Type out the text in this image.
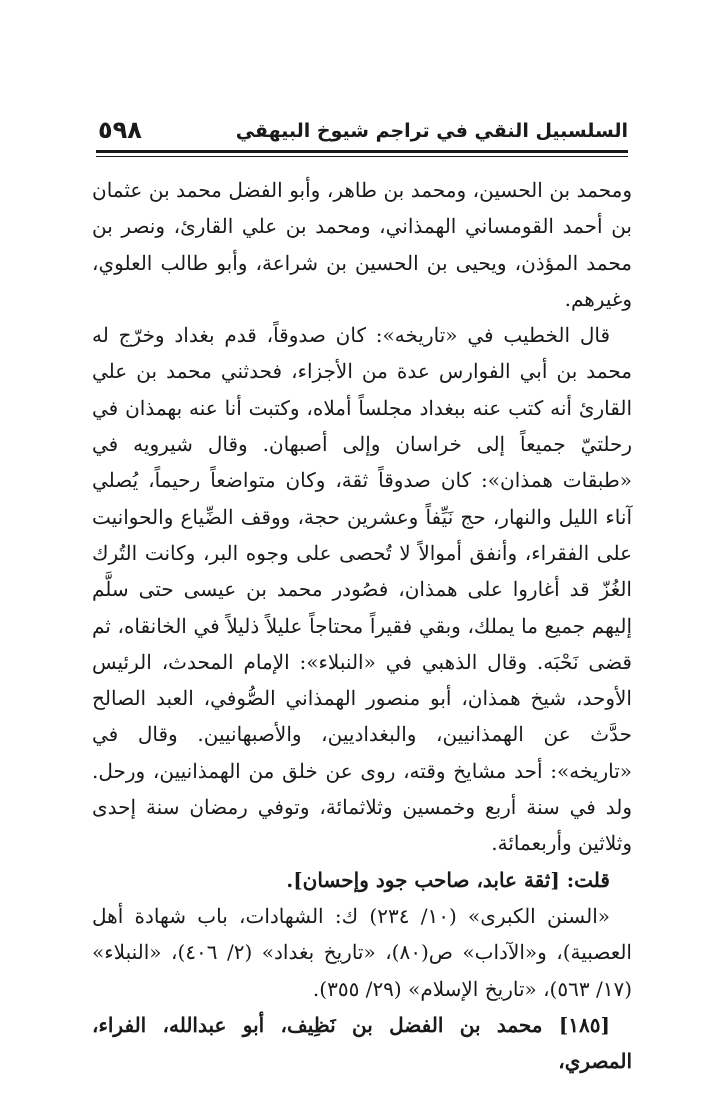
٥٩٨	السلسبيل النقي في تراجم شيوخ البيهقي

ومحمد بن الحسين، ومحمد بن طاهر، وأبو الفضل محمد بن عثمان بن أحمد القومساني الهمذاني، ومحمد بن علي القارئ، ونصر بن محمد المؤذن، ويحيى بن الحسين بن شراعة، وأبو طالب العلوي، وغيرهم.

قال الخطيب في «تاريخه»: كان صدوقاً، قدم بغداد وخرّج له محمد بن أبي الفوارس عدة من الأجزاء، فحدثني محمد بن علي القارئ أنه كتب عنه ببغداد مجلساً أملاه، وكتبت أنا عنه بهمذان في رحلتيّ جميعاً إلى خراسان وإلى أصبهان. وقال شيرويه في «طبقات همذان»: كان صدوقاً ثقة، وكان متواضعاً رحيماً، يُصلي آناء الليل والنهار، حج نَيِّفاً وعشرين حجة، ووقف الضِّياع والحوانيت على الفقراء، وأنفق أموالاً لا تُحصى على وجوه البر، وكانت التُرك الغُزّ قد أغاروا على همذان، فصُودر محمد بن عيسى حتى سلَّم إليهم جميع ما يملك، وبقي فقيراً محتاجاً عليلاً ذليلاً في الخانقاه، ثم قضى نَحْبَه. وقال الذهبي في «النبلاء»: الإمام المحدث، الرئيس الأوحد، شيخ همذان، أبو منصور الهمذاني الصُّوفي، العبد الصالح حدَّث عن الهمذانيين، والبغداديين، والأصبهانيين. وقال في «تاريخه»: أحد مشايخ وقته، روى عن خلق من الهمذانيين، ورحل. ولد في سنة أربع وخمسين وثلاثمائة، وتوفي رمضان سنة إحدى وثلاثين وأربعمائة.

قلت: [ثقة عابد، صاحب جود وإحسان].

«السنن الكبرى» (١٠/ ٢٣٤) ك: الشهادات، باب شهادة أهل العصبية)، و«الآداب» ص(٨٠)، «تاريخ بغداد» (٢/ ٤٠٦)، «النبلاء» (١٧/ ٥٦٣)، «تاريخ الإسلام» (٢٩/ ٣٥٥).

[١٨٥] محمد بن الفضل بن نَظِيف، أبو عبدالله، الفراء، المصري،
